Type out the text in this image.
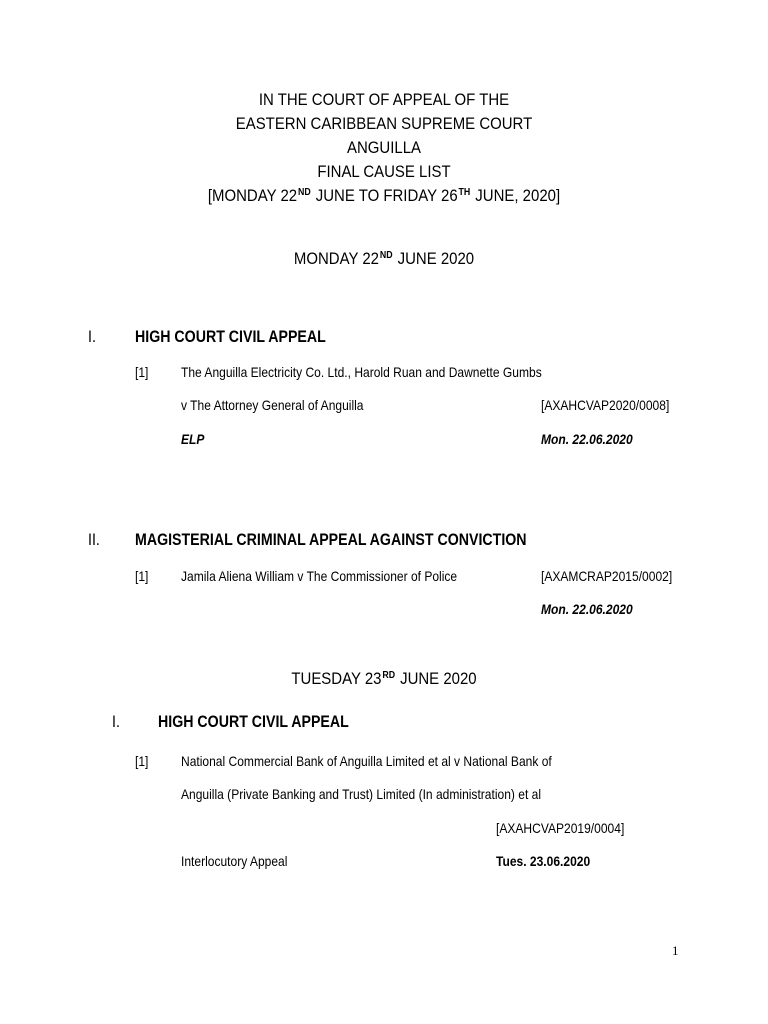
IN THE COURT OF APPEAL OF THE
EASTERN CARIBBEAN SUPREME COURT
ANGUILLA
FINAL CAUSE LIST
[MONDAY 22ND JUNE TO FRIDAY 26TH JUNE, 2020]
MONDAY 22ND JUNE 2020
I. HIGH COURT CIVIL APPEAL
[1] The Anguilla Electricity Co. Ltd., Harold Ruan and Dawnette Gumbs
v The Attorney General of Anguilla	[AXAHCVAP2020/0008]
ELP	Mon. 22.06.2020
II. MAGISTERIAL CRIMINAL APPEAL AGAINST CONVICTION
[1] Jamila Aliena William v The Commissioner of Police	[AXAMCRAP2015/0002]
Mon. 22.06.2020
TUESDAY 23RD JUNE 2020
I. HIGH COURT CIVIL APPEAL
[1] National Commercial Bank of Anguilla Limited et al v National Bank of
Anguilla (Private Banking and Trust) Limited (In administration) et al
[AXAHCVAP2019/0004]
Interlocutory Appeal	Tues. 23.06.2020
1
